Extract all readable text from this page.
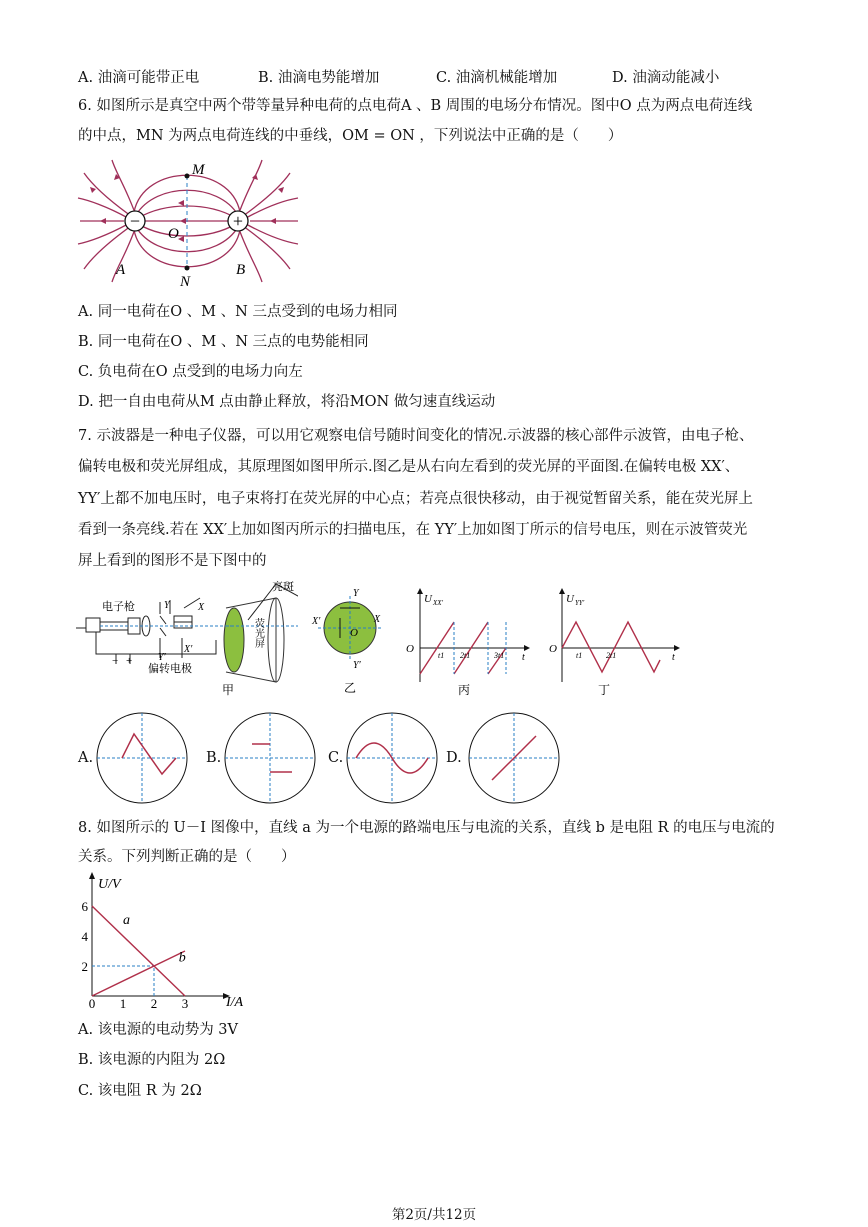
A. 油滴可能带正电	B. 油滴电势能增加	C. 油滴机械能增加	D. 油滴动能减小
6. 如图所示是真空中两个带等量异种电荷的点电荷A 、B 周围的电场分布情况。图中O 点为两点电荷连线
的中点，MN 为两点电荷连线的中垂线，OM = ON ，下列说法中正确的是（　　）
−	+
M
N
O
A	B
A. 同一电荷在O 、M 、N 三点受到的电场力相同
B. 同一电荷在O 、M 、N 三点的电势能相同
C. 负电荷在O 点受到的电场力向左
D. 把一自由电荷从M 点由静止释放，将沿MON 做匀速直线运动
7. 示波器是一种电子仪器，可以用它观察电信号随时间变化的情况.示波器的核心部件示波管，由电子枪、
偏转电极和荧光屏组成，其原理图如图甲所示.图乙是从右向左看到的荧光屏的平面图.在偏转电极 XX′、
YY′上都不加电压时，电子束将打在荧光屏的中心点；若亮点很快移动，由于视觉暂留关系，能在荧光屏上
看到一条亮线.若在 XX′上加如图丙所示的扫描电压，在 YY′上加如图丁所示的信号电压，则在示波管荧光
屏上看到的图形不是下图中的
电子枪
偏转电极
亮斑
荧光屏
Y
Y′
X
X′
− +
甲
Y
Y′
X
X′
O
乙
U XX′
O
t
t1 2t1	3t1
丙
U YY′
O
t
t1	2t1
丁
A.	B.	C.	D.
8. 如图所示的 U－I 图像中，直线 a 为一个电源的路端电压与电流的关系，直线 b 是电阻 R 的电压与电流的
关系。下列判断正确的是（　　）
a
b
0 1 2 3
2
4
6
U/V
I/A
A. 该电源的电动势为 3V
B. 该电源的内阻为 2Ω
C. 该电阻 R 为 2Ω
第2页/共12页
